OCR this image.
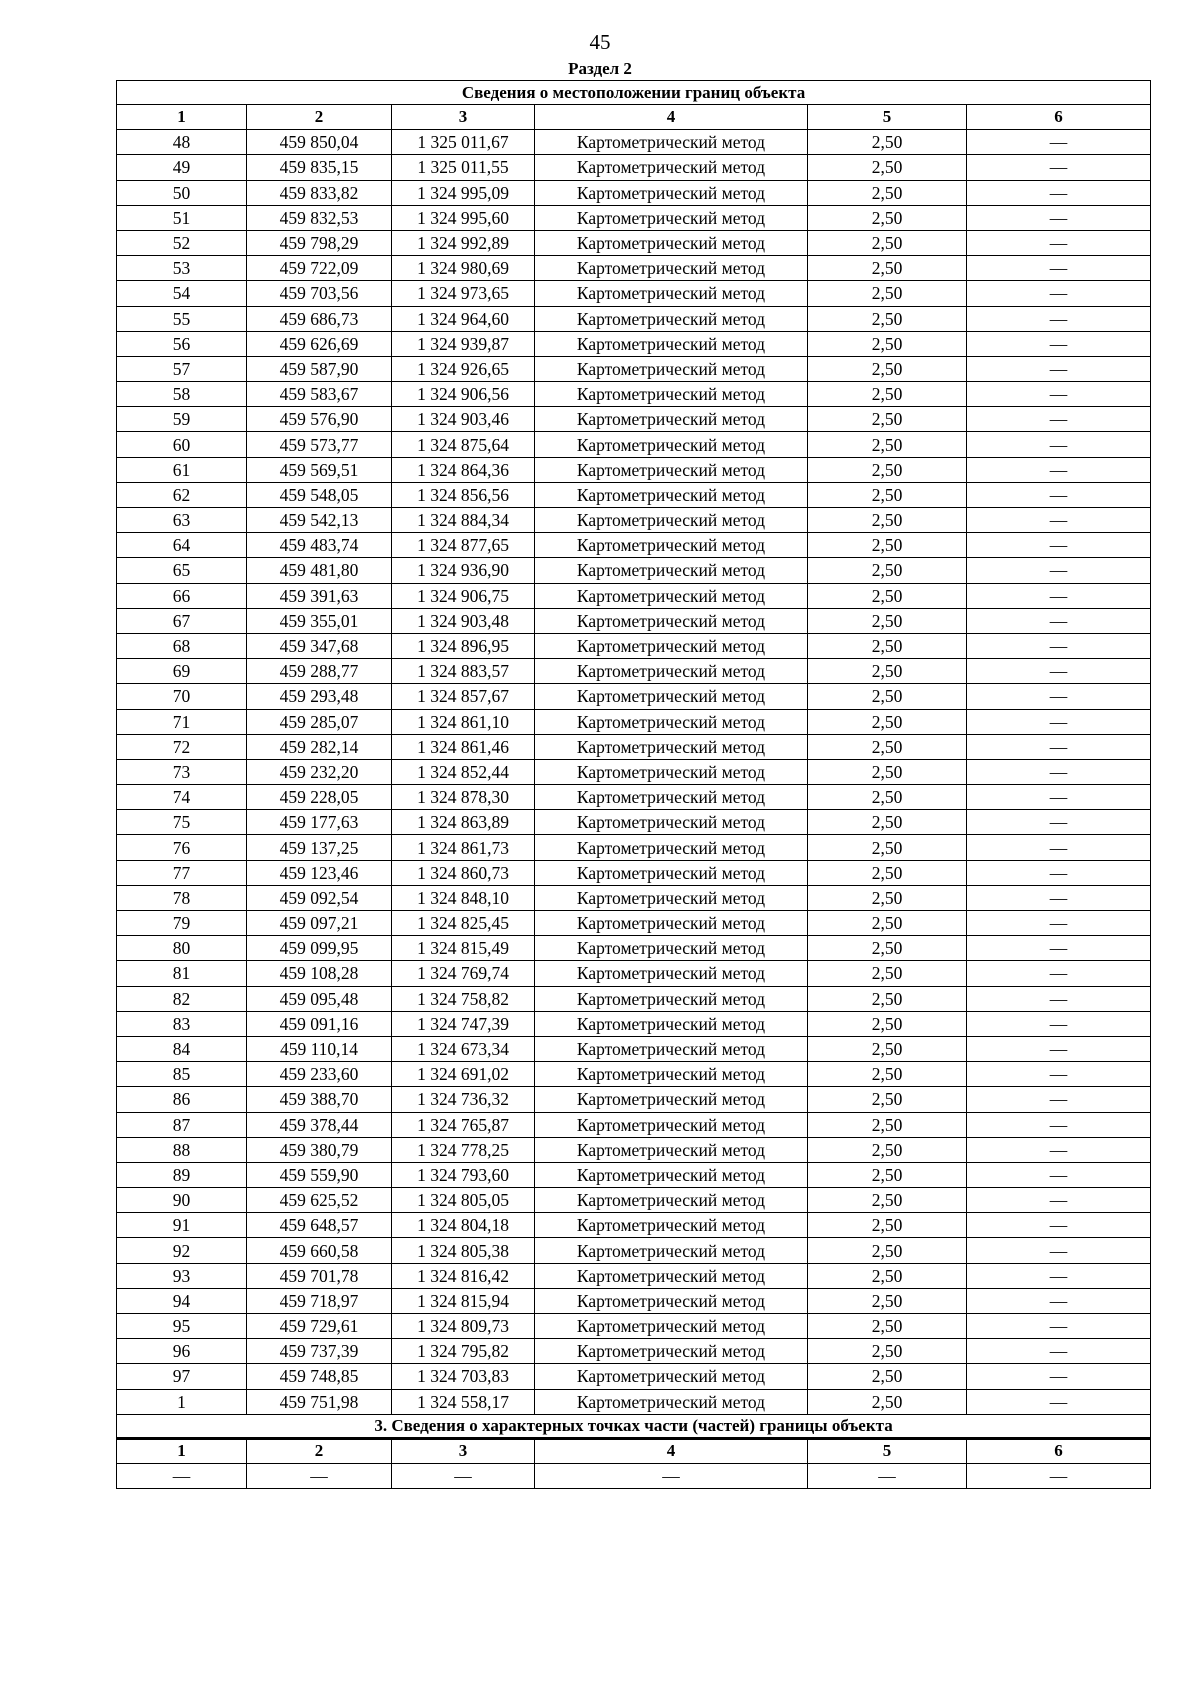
45
Раздел 2
Сведения о местоположении границ объекта					
1	2	3	4	5	6
48	459 850,04	1 325 011,67	Картометрический метод	2,50	—
49	459 835,15	1 325 011,55	Картометрический метод	2,50	—
50	459 833,82	1 324 995,09	Картометрический метод	2,50	—
51	459 832,53	1 324 995,60	Картометрический метод	2,50	—
52	459 798,29	1 324 992,89	Картометрический метод	2,50	—
53	459 722,09	1 324 980,69	Картометрический метод	2,50	—
54	459 703,56	1 324 973,65	Картометрический метод	2,50	—
55	459 686,73	1 324 964,60	Картометрический метод	2,50	—
56	459 626,69	1 324 939,87	Картометрический метод	2,50	—
57	459 587,90	1 324 926,65	Картометрический метод	2,50	—
58	459 583,67	1 324 906,56	Картометрический метод	2,50	—
59	459 576,90	1 324 903,46	Картометрический метод	2,50	—
60	459 573,77	1 324 875,64	Картометрический метод	2,50	—
61	459 569,51	1 324 864,36	Картометрический метод	2,50	—
62	459 548,05	1 324 856,56	Картометрический метод	2,50	—
63	459 542,13	1 324 884,34	Картометрический метод	2,50	—
64	459 483,74	1 324 877,65	Картометрический метод	2,50	—
65	459 481,80	1 324 936,90	Картометрический метод	2,50	—
66	459 391,63	1 324 906,75	Картометрический метод	2,50	—
67	459 355,01	1 324 903,48	Картометрический метод	2,50	—
68	459 347,68	1 324 896,95	Картометрический метод	2,50	—
69	459 288,77	1 324 883,57	Картометрический метод	2,50	—
70	459 293,48	1 324 857,67	Картометрический метод	2,50	—
71	459 285,07	1 324 861,10	Картометрический метод	2,50	—
72	459 282,14	1 324 861,46	Картометрический метод	2,50	—
73	459 232,20	1 324 852,44	Картометрический метод	2,50	—
74	459 228,05	1 324 878,30	Картометрический метод	2,50	—
75	459 177,63	1 324 863,89	Картометрический метод	2,50	—
76	459 137,25	1 324 861,73	Картометрический метод	2,50	—
77	459 123,46	1 324 860,73	Картометрический метод	2,50	—
78	459 092,54	1 324 848,10	Картометрический метод	2,50	—
79	459 097,21	1 324 825,45	Картометрический метод	2,50	—
80	459 099,95	1 324 815,49	Картометрический метод	2,50	—
81	459 108,28	1 324 769,74	Картометрический метод	2,50	—
82	459 095,48	1 324 758,82	Картометрический метод	2,50	—
83	459 091,16	1 324 747,39	Картометрический метод	2,50	—
84	459 110,14	1 324 673,34	Картометрический метод	2,50	—
85	459 233,60	1 324 691,02	Картометрический метод	2,50	—
86	459 388,70	1 324 736,32	Картометрический метод	2,50	—
87	459 378,44	1 324 765,87	Картометрический метод	2,50	—
88	459 380,79	1 324 778,25	Картометрический метод	2,50	—
89	459 559,90	1 324 793,60	Картометрический метод	2,50	—
90	459 625,52	1 324 805,05	Картометрический метод	2,50	—
91	459 648,57	1 324 804,18	Картометрический метод	2,50	—
92	459 660,58	1 324 805,38	Картометрический метод	2,50	—
93	459 701,78	1 324 816,42	Картометрический метод	2,50	—
94	459 718,97	1 324 815,94	Картометрический метод	2,50	—
95	459 729,61	1 324 809,73	Картометрический метод	2,50	—
96	459 737,39	1 324 795,82	Картометрический метод	2,50	—
97	459 748,85	1 324 703,83	Картометрический метод	2,50	—
1	459 751,98	1 324 558,17	Картометрический метод	2,50	—
3. Сведения о характерных точках части (частей) границы объекта					
1	2	3	4	5	6
—	—	—	—	—	—
